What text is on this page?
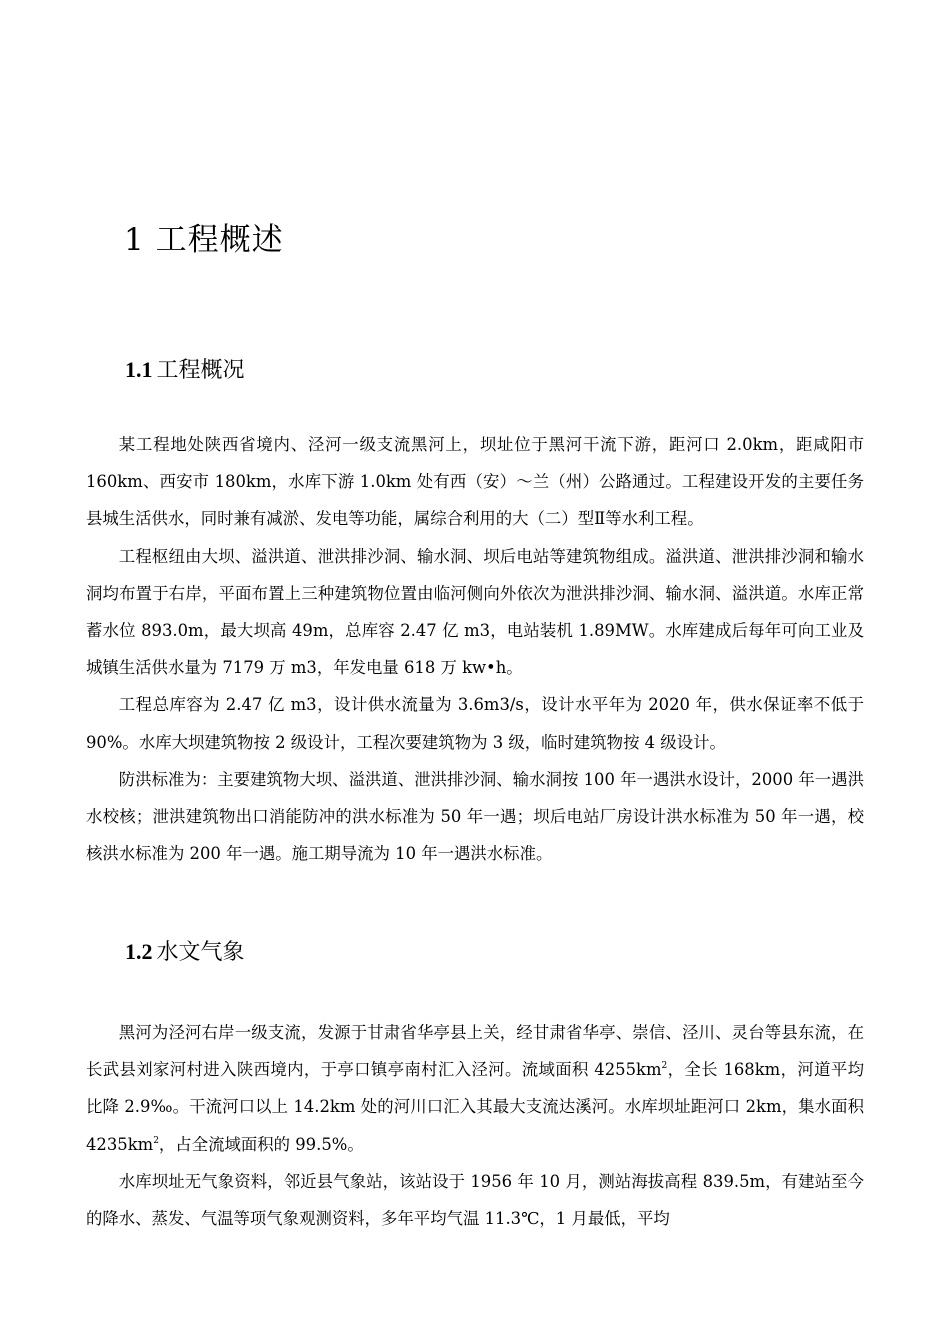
1 工程概述
1.1 工程概况

某工程地处陕西省境内、泾河一级支流黑河上，坝址位于黑河干流下游，距河口 2.0km，距咸阳市 160km、西安市 180km，水库下游 1.0km 处有西（安）～兰（州）公路通过。工程建设开发的主要任务县城生活供水，同时兼有减淤、发电等功能，属综合利用的大（二）型Ⅱ等水利工程。

工程枢纽由大坝、溢洪道、泄洪排沙洞、输水洞、坝后电站等建筑物组成。溢洪道、泄洪排沙洞和输水洞均布置于右岸，平面布置上三种建筑物位置由临河侧向外依次为泄洪排沙洞、输水洞、溢洪道。水库正常蓄水位 893.0m，最大坝高 49m，总库容 2.47 亿 m3，电站装机 1.89MW。水库建成后每年可向工业及城镇生活供水量为 7179 万 m3，年发电量 618 万 kw•h。

工程总库容为 2.47 亿 m3，设计供水流量为 3.6m3/s，设计水平年为 2020 年，供水保证率不低于 90%。水库大坝建筑物按 2 级设计，工程次要建筑物为 3 级，临时建筑物按 4 级设计。

防洪标准为：主要建筑物大坝、溢洪道、泄洪排沙洞、输水洞按 100 年一遇洪水设计，2000 年一遇洪水校核；泄洪建筑物出口消能防冲的洪水标准为 50 年一遇；坝后电站厂房设计洪水标准为 50 年一遇，校核洪水标准为 200 年一遇。施工期导流为 10 年一遇洪水标准。

1.2 水文气象

黑河为泾河右岸一级支流，发源于甘肃省华亭县上关，经甘肃省华亭、崇信、泾川、灵台等县东流，在长武县刘家河村进入陕西境内，于亭口镇亭南村汇入泾河。流域面积 $4255km^2$，全长 168km，河道平均比降 2.9‰。干流河口以上 14.2km 处的河川口汇入其最大支流达溪河。水库坝址距河口 2km，集水面积 $4235km^2$，占全流域面积的 99.5%。

水库坝址无气象资料，邻近县气象站，该站设于 1956 年 10 月，测站海拔高程 839.5m，有建站至今的降水、蒸发、气温等项气象观测资料，多年平均气温 11.3℃，1 月最低，平均
